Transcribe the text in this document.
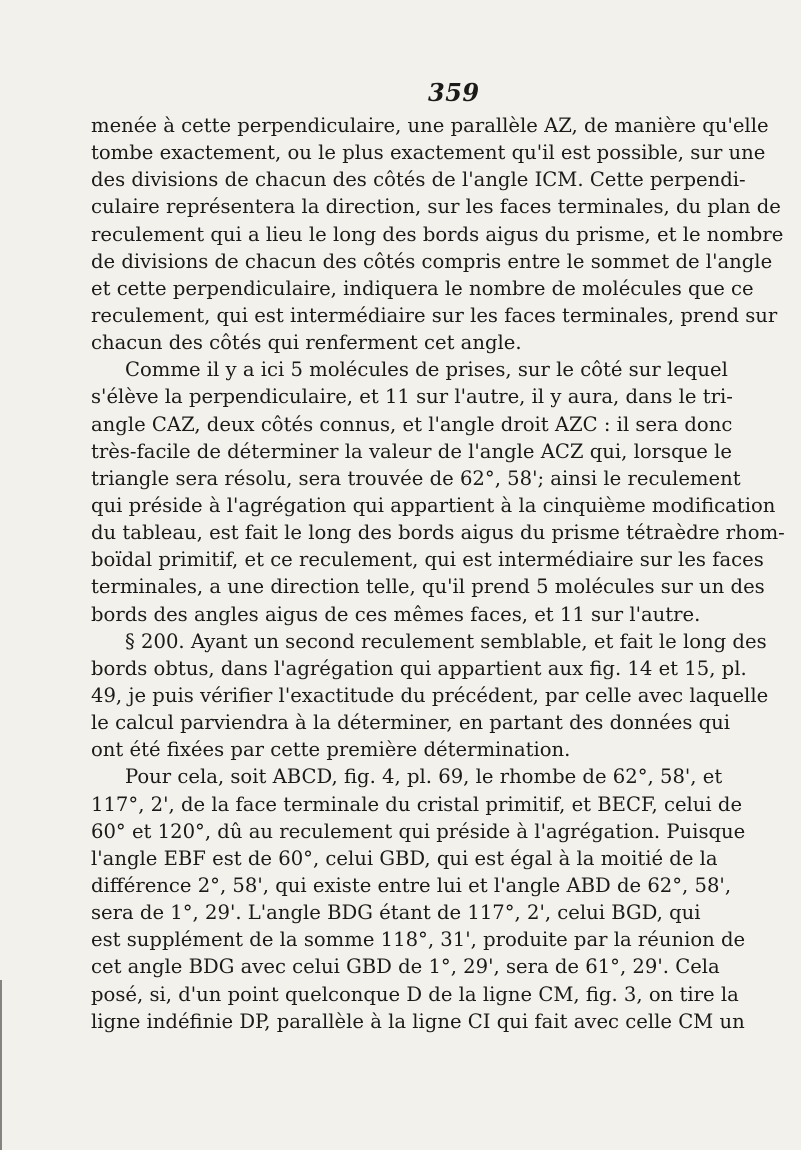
359
menée à cette perpendiculaire, une parallèle AZ, de manière qu'elle
tombe exactement, ou le plus exactement qu'il est possible, sur une
des divisions de chacun des côtés de l'angle ICM. Cette perpendi-
culaire représentera la direction, sur les faces terminales, du plan de
reculement qui a lieu le long des bords aigus du prisme, et le nombre
de divisions de chacun des côtés compris entre le sommet de l'angle
et cette perpendiculaire, indiquera le nombre de molécules que ce
reculement, qui est intermédiaire sur les faces terminales, prend sur
chacun des côtés qui renferment cet angle.
Comme il y a ici 5 molécules de prises, sur le côté sur lequel
s'élève la perpendiculaire, et 11 sur l'autre, il y aura, dans le tri-
angle CAZ, deux côtés connus, et l'angle droit AZC : il sera donc
très-facile de déterminer la valeur de l'angle ACZ qui, lorsque le
triangle sera résolu, sera trouvée de 62°, 58'; ainsi le reculement
qui préside à l'agrégation qui appartient à la cinquième modification
du tableau, est fait le long des bords aigus du prisme tétraèdre rhom-
boïdal primitif, et ce reculement, qui est intermédiaire sur les faces
terminales, a une direction telle, qu'il prend 5 molécules sur un des
bords des angles aigus de ces mêmes faces, et 11 sur l'autre.
§ 200. Ayant un second reculement semblable, et fait le long des
bords obtus, dans l'agrégation qui appartient aux fig. 14 et 15, pl.
49, je puis vérifier l'exactitude du précédent, par celle avec laquelle
le calcul parviendra à la déterminer, en partant des données qui
ont été fixées par cette première détermination.
Pour cela, soit ABCD, fig. 4, pl. 69, le rhombe de 62°, 58', et
117°, 2', de la face terminale du cristal primitif, et BECF, celui de
60° et 120°, dû au reculement qui préside à l'agrégation. Puisque
l'angle EBF est de 60°, celui GBD, qui est égal à la moitié de la
différence 2°, 58', qui existe entre lui et l'angle ABD de 62°, 58',
sera de 1°, 29'. L'angle BDG étant de 117°, 2', celui BGD, qui
est supplément de la somme 118°, 31', produite par la réunion de
cet angle BDG avec celui GBD de 1°, 29', sera de 61°, 29'. Cela
posé, si, d'un point quelconque D de la ligne CM, fig. 3, on tire la
ligne indéfinie DP, parallèle à la ligne CI qui fait avec celle CM un
